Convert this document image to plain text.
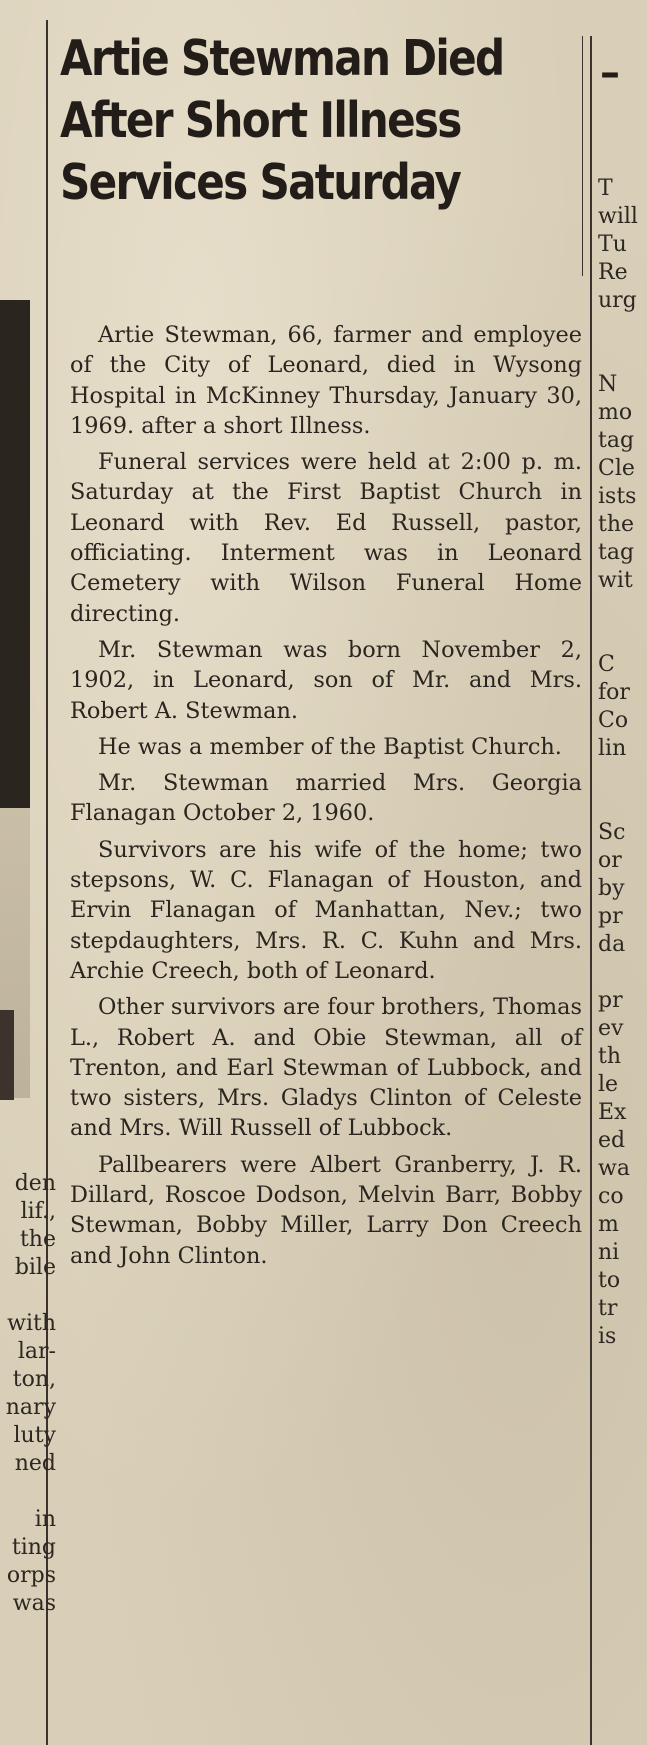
den
lif.,
the
bile

with
lar-
ton,
nary
luty
ned

in
ting
orps
was
–
T
will
Tu
Re
urg

N
mo
tag
Cle
ists
the
tag
wit

C
for
Co
lin

Sc
or
by
pr
da

pr
ev
th
le
Ex
ed
wa
co
m
ni
to
tr
is
Artie Stewman Died
After Short Illness
Services Saturday

Artie Stewman, 66, farmer and employee of the City of Leonard, died in Wysong Hospital in McKinney Thursday, January 30, 1969. after a short Illness.

Funeral services were held at 2:00 p. m. Saturday at the First Baptist Church in Leonard with Rev. Ed Russell, pastor, officiating. Interment was in Leonard Cemetery with Wilson Funeral Home directing.

Mr. Stewman was born November 2, 1902, in Leonard, son of Mr. and Mrs. Robert A. Stewman.

He was a member of the Baptist Church.

Mr. Stewman married Mrs. Georgia Flanagan October 2, 1960.

Survivors are his wife of the home; two stepsons, W. C. Flanagan of Houston, and Ervin Flanagan of Manhattan, Nev.; two stepdaughters, Mrs. R. C. Kuhn and Mrs. Archie Creech, both of Leonard.

Other survivors are four brothers, Thomas L., Robert A. and Obie Stewman, all of Trenton, and Earl Stewman of Lubbock, and two sisters, Mrs. Gladys Clinton of Celeste and Mrs. Will Russell of Lubbock.

Pallbearers were Albert Granberry, J. R. Dillard, Roscoe Dodson, Melvin Barr, Bobby Stewman, Bobby Miller, Larry Don Creech and John Clinton.
